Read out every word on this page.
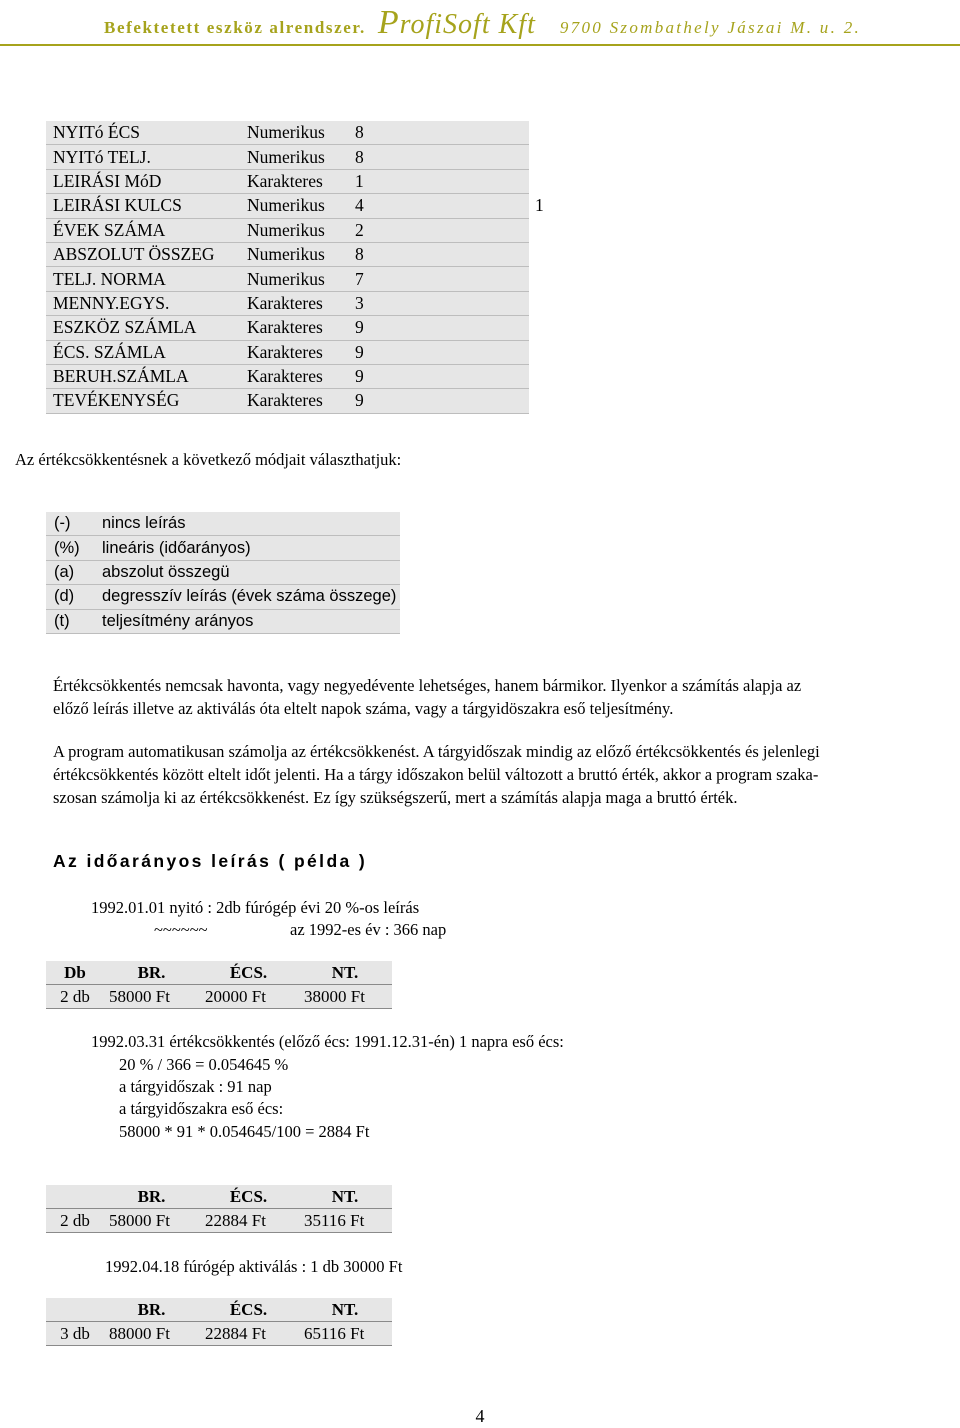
Befektetett eszköz alrendszer. ProfiSoft Kft 9700 Szombathely Jászai M. u. 2.
NYITó ÉCS	Numerikus	8		
NYITó TELJ.	Numerikus	8		
LEIRÁSI MóD	Karakteres	1		
LEIRÁSI KULCS	Numerikus	4		1
ÉVEK SZÁMA	Numerikus	2		
ABSZOLUT ÖSSZEG	Numerikus	8		
TELJ. NORMA	Numerikus	7		
MENNY.EGYS.	Karakteres	3		
ESZKÖZ SZÁMLA	Karakteres	9		
ÉCS. SZÁMLA	Karakteres	9		
BERUH.SZÁMLA	Karakteres	9		
TEVÉKENYSÉG	Karakteres	9		
Az értékcsökkentésnek a következő módjait választhatjuk:
(-)	nincs leírás
(%)	lineáris (időarányos)
(a)	abszolut összegü
(d)	degresszív leírás (évek száma összege)
(t)	teljesítmény arányos
Értékcsökkentés nemcsak havonta, vagy negyedévente lehetséges, hanem bármikor. Ilyenkor a számítás alapja az
előző leírás illetve az aktiválás óta eltelt napok száma, vagy a tárgyidöszakra eső teljesítmény.
A program automatikusan számolja az értékcsökkenést. A tárgyidőszak mindig az előző értékcsökkentés és jelenlegi
értékcsökkentés között eltelt időt jelenti. Ha a tárgy időszakon belül változott a bruttó érték, akkor a program szaka-
szosan számolja ki az értékcsökkenést. Ez így szükségszerű, mert a számítás alapja maga a bruttó érték.
Az időarányos leírás ( példa )
1992.01.01 nyitó : 2db fúrógép évi 20 %-os leírás
~~~~~~	az 1992-es év : 366 nap
Db	BR.	ÉCS.	NT.
2 db	58000 Ft	20000 Ft	38000 Ft
1992.03.31 értékcsökkentés (előző écs: 1991.12.31-én) 1 napra eső écs:
20 % / 366 = 0.054645 %
a tárgyidőszak : 91 nap
a tárgyidőszakra eső écs:
58000 * 91 * 0.054645/100 = 2884 Ft
	BR.	ÉCS.	NT.
2 db	58000 Ft	22884 Ft	35116 Ft
1992.04.18 fúrógép aktiválás : 1 db 30000 Ft
	BR.	ÉCS.	NT.
3 db	88000 Ft	22884 Ft	65116 Ft
4
